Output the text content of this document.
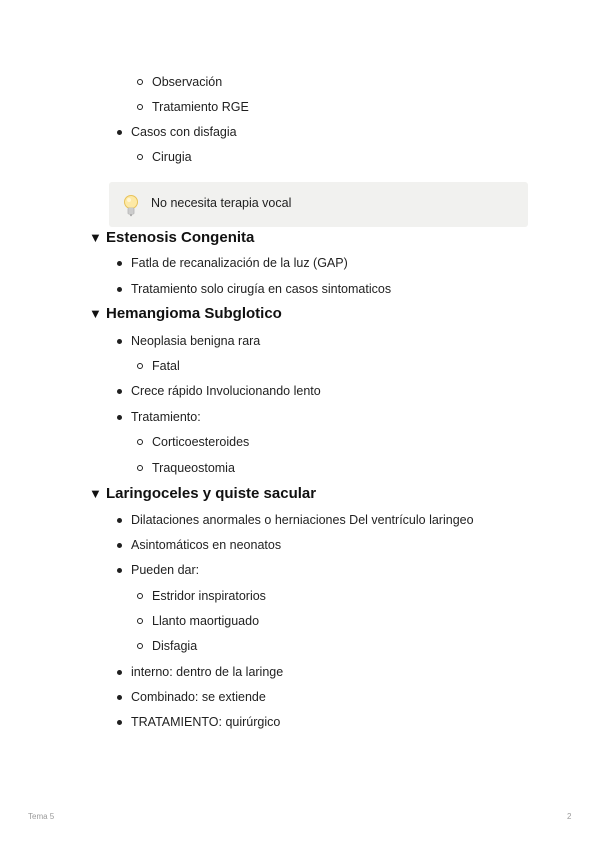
Observación
Tratamiento RGE
Casos con disfagia
Cirugia
No necesita terapia vocal
▼ Estenosis Congenita
Fatla de recanalización de la luz (GAP)
Tratamiento solo cirugía en casos sintomaticos
▼ Hemangioma Subglotico
Neoplasia benigna rara
Fatal
Crece rápido Involucionando lento
Tratamiento:
Corticoesteroides
Traqueostomia
▼ Laringoceles y quiste sacular
Dilataciones anormales o herniaciones Del ventrículo laringeo
Asintomáticos en neonatos
Pueden dar:
Estridor inspiratorios
Llanto maortiguado
Disfagia
interno: dentro de la laringe
Combinado: se extiende
TRATAMIENTO: quirúrgico
Tema 5	2
